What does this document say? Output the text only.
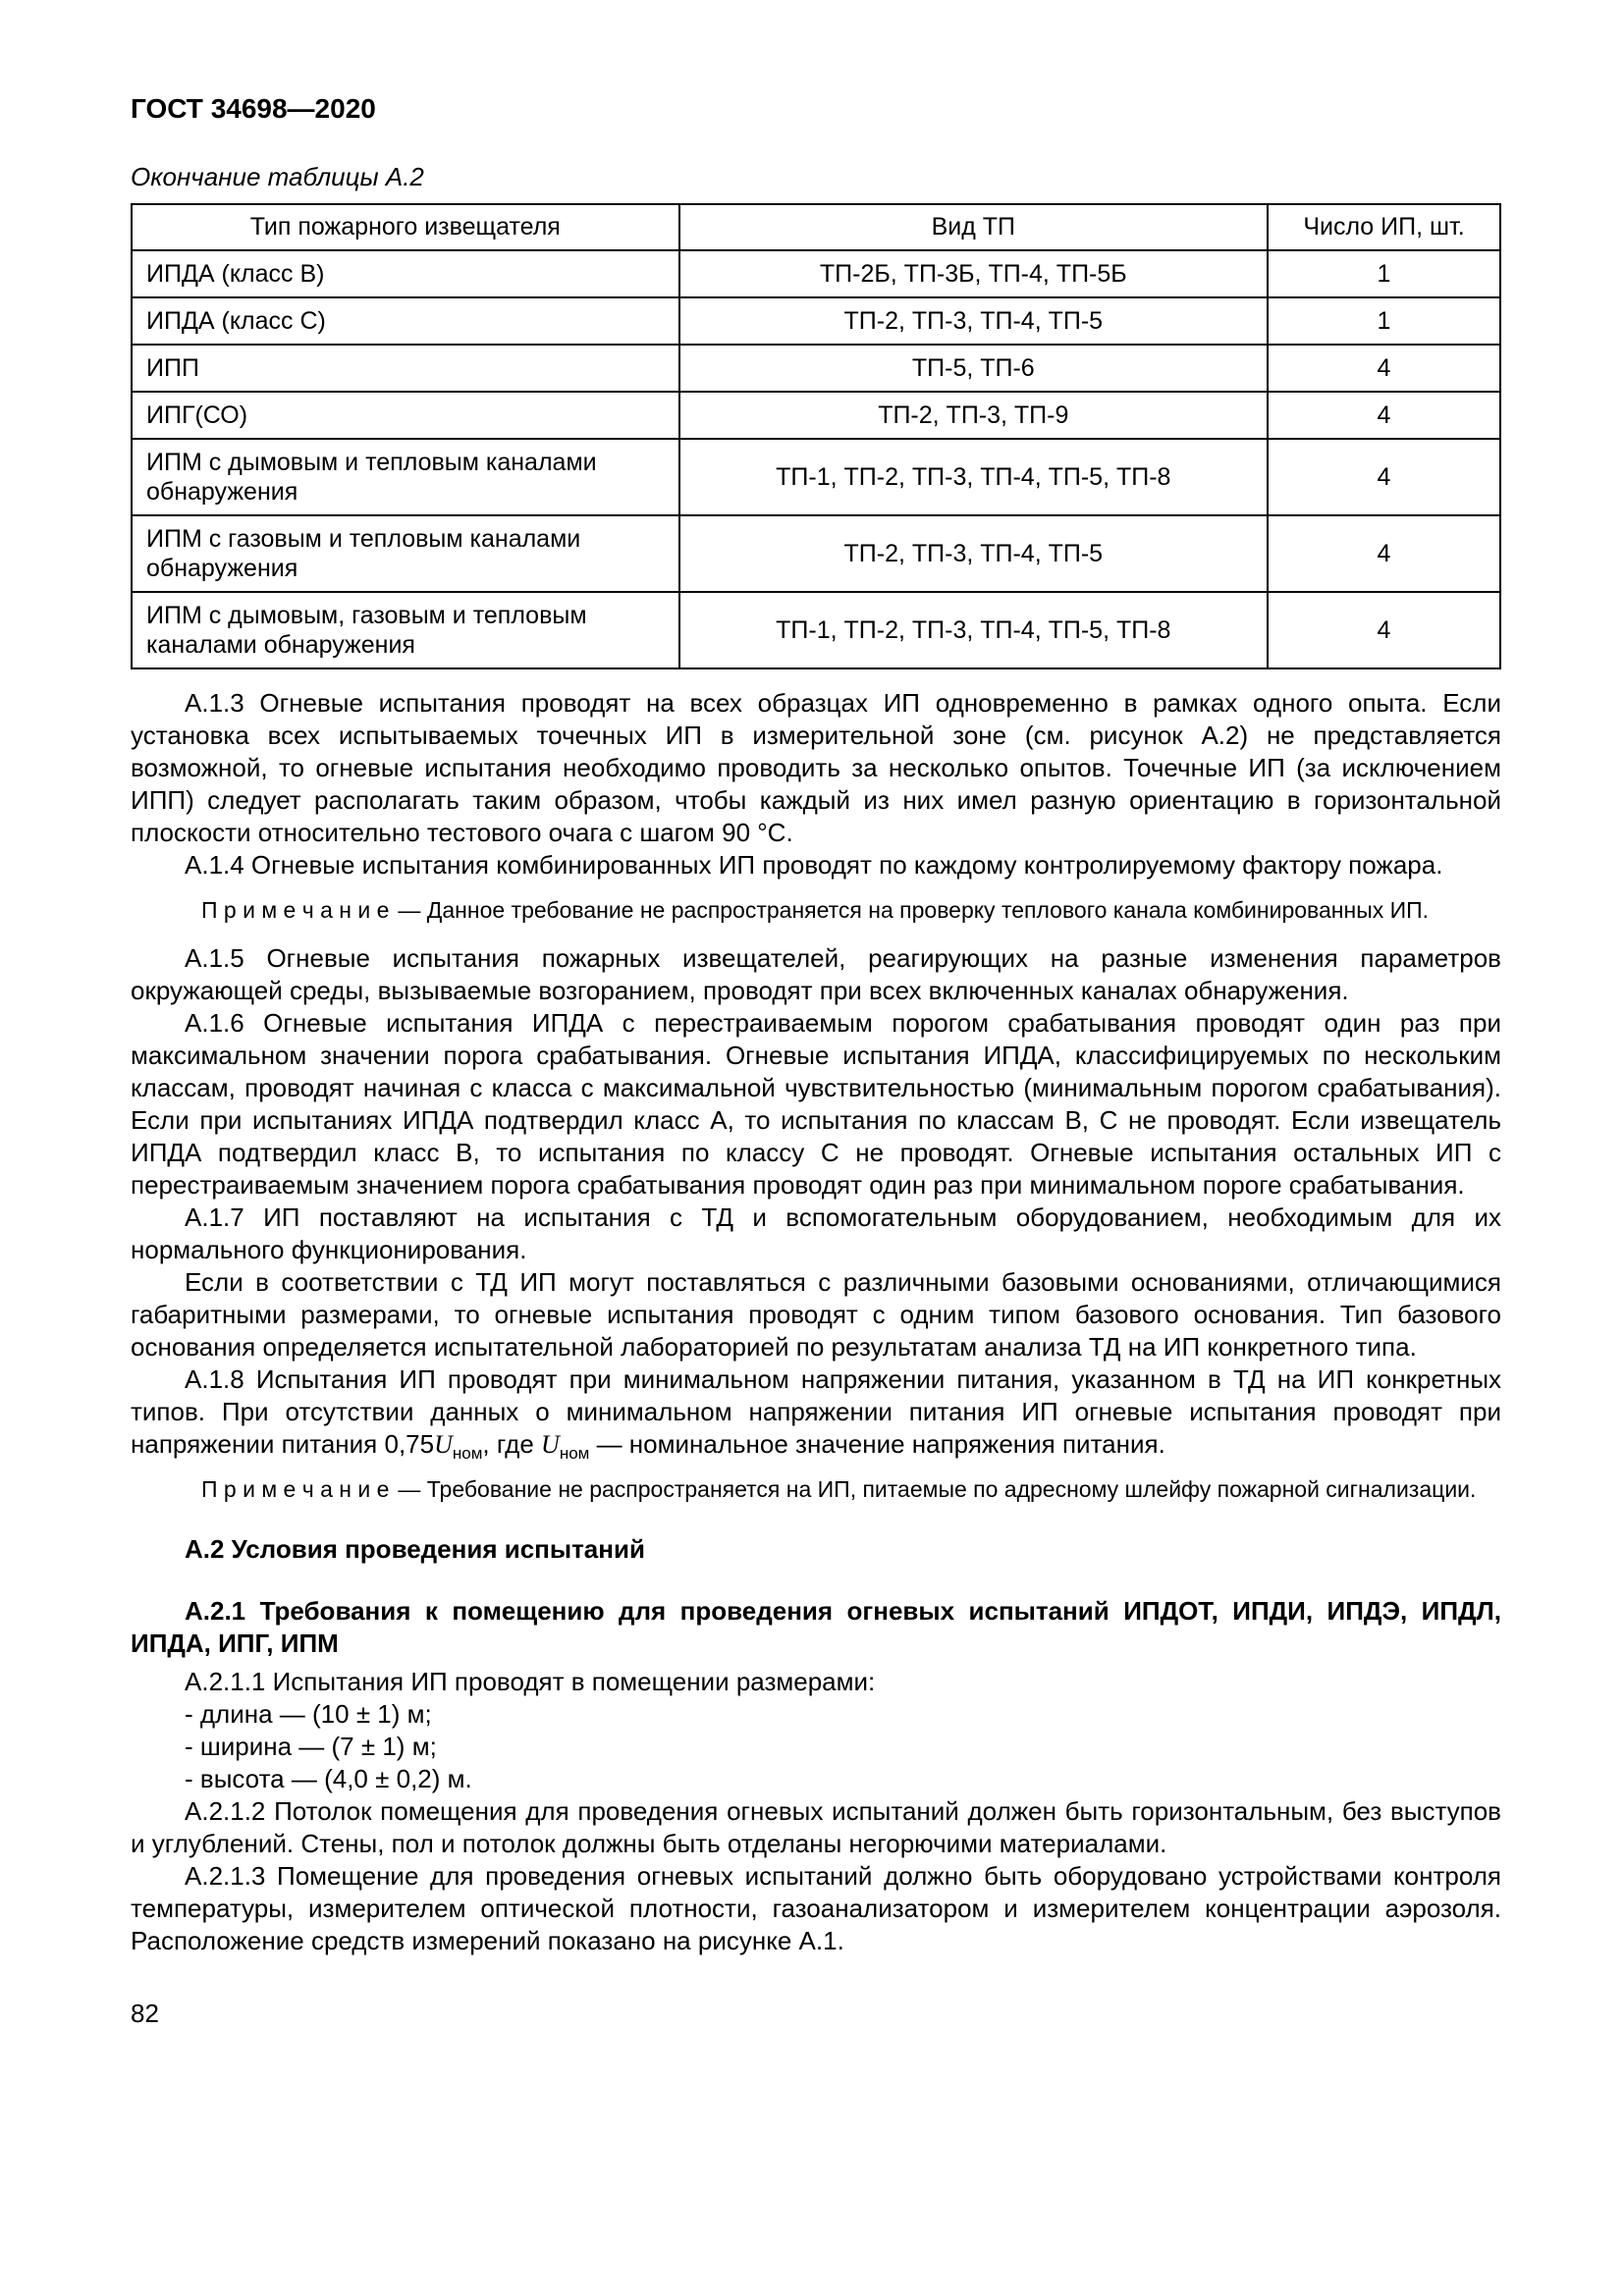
ГОСТ 34698—2020
Окончание таблицы А.2
Тип пожарного извещателя	Вид ТП	Число ИП, шт.
ИПДА (класс В)	ТП-2Б, ТП-3Б, ТП-4, ТП-5Б	1
ИПДА (класс С)	ТП-2, ТП-3, ТП-4, ТП-5	1
ИПП	ТП-5, ТП-6	4
ИПГ(СО)	ТП-2, ТП-3, ТП-9	4
ИПМ с дымовым и тепловым каналами обнаружения	ТП-1, ТП-2, ТП-3, ТП-4, ТП-5, ТП-8	4
ИПМ с газовым и тепловым каналами обнаружения	ТП-2, ТП-3, ТП-4, ТП-5	4
ИПМ с дымовым, газовым и тепловым каналами обнаружения	ТП-1, ТП-2, ТП-3, ТП-4, ТП-5, ТП-8	4

А.1.3 Огневые испытания проводят на всех образцах ИП одновременно в рамках одного опыта. Если установка всех испытываемых точечных ИП в измерительной зоне (см. рисунок А.2) не представляется возможной, то огневые испытания необходимо проводить за несколько опытов. Точечные ИП (за исключением ИПП) следует располагать таким образом, чтобы каждый из них имел разную ориентацию в горизонтальной плоскости относительно тестового очага с шагом 90 °С.

А.1.4 Огневые испытания комбинированных ИП проводят по каждому контролируемому фактору пожара.

П р и м е ч а н и е — Данное требование не распространяется на проверку теплового канала комбинированных ИП.

А.1.5 Огневые испытания пожарных извещателей, реагирующих на разные изменения параметров окружающей среды, вызываемые возгоранием, проводят при всех включенных каналах обнаружения.

А.1.6 Огневые испытания ИПДА с перестраиваемым порогом срабатывания проводят один раз при максимальном значении порога срабатывания. Огневые испытания ИПДА, классифицируемых по нескольким классам, проводят начиная с класса с максимальной чувствительностью (минимальным порогом срабатывания). Если при испытаниях ИПДА подтвердил класс А, то испытания по классам В, С не проводят. Если извещатель ИПДА подтвердил класс В, то испытания по классу С не проводят. Огневые испытания остальных ИП с перестраиваемым значением порога срабатывания проводят один раз при минимальном пороге срабатывания.

А.1.7 ИП поставляют на испытания с ТД и вспомогательным оборудованием, необходимым для их нормального функционирования.

Если в соответствии с ТД ИП могут поставляться с различными базовыми основаниями, отличающимися габаритными размерами, то огневые испытания проводят с одним типом базового основания. Тип базового основания определяется испытательной лабораторией по результатам анализа ТД на ИП конкретного типа.

А.1.8 Испытания ИП проводят при минимальном напряжении питания, указанном в ТД на ИП конкретных типов. При отсутствии данных о минимальном напряжении питания ИП огневые испытания проводят при напряжении питания $0,75U_{ном}$, где $U_{ном}$ — номинальное значение напряжения питания.

П р и м е ч а н и е — Требование не распространяется на ИП, питаемые по адресному шлейфу пожарной сигнализации.

А.2 Условия проведения испытаний

А.2.1 Требования к помещению для проведения огневых испытаний ИПДОТ, ИПДИ, ИПДЭ, ИПДЛ, ИПДА, ИПГ, ИПМ

А.2.1.1 Испытания ИП проводят в помещении размерами:

- длина — (10 ± 1) м;

- ширина — (7 ± 1) м;

- высота — (4,0 ± 0,2) м.

А.2.1.2 Потолок помещения для проведения огневых испытаний должен быть горизонтальным, без выступов и углублений. Стены, пол и потолок должны быть отделаны негорючими материалами.

А.2.1.3 Помещение для проведения огневых испытаний должно быть оборудовано устройствами контроля температуры, измерителем оптической плотности, газоанализатором и измерителем концентрации аэрозоля. Расположение средств измерений показано на рисунке А.1.

82
